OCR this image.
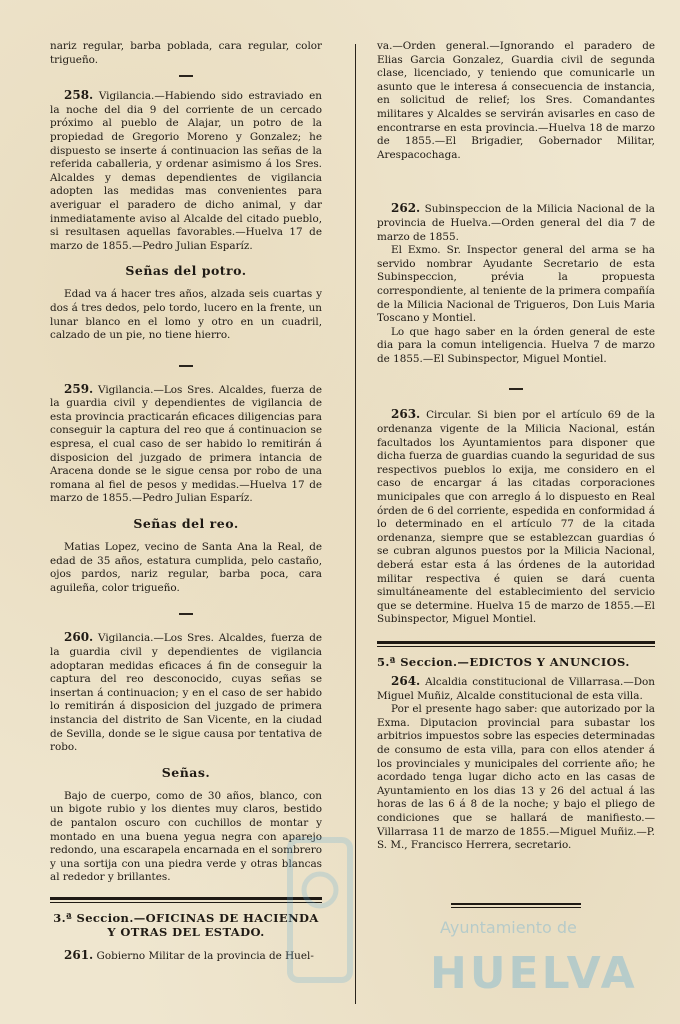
nariz regular, barba poblada, cara regular, color trigueño.

258. Vigilancia.—Habiendo sido estraviado en la noche del dia 9 del corriente de un cercado próximo al pueblo de Alajar, un potro de la propiedad de Gregorio Moreno y Gonzalez; he dispuesto se inserte á continuacion las señas de la referida caballeria, y ordenar asimismo á los Sres. Alcaldes y demas dependientes de vigilancia adopten las medidas mas convenientes para averiguar el paradero de dicho animal, y dar inmediatamente aviso al Alcalde del citado pueblo, si resultasen aquellas favorables.—Huelva 17 de marzo de 1855.—Pedro Julian Esparíz.

Señas del potro.

Edad va á hacer tres años, alzada seis cuartas y dos á tres dedos, pelo tordo, lucero en la frente, un lunar blanco en el lomo y otro en un cuadril, calzado de un pie, no tiene hierro.

259. Vigilancia.—Los Sres. Alcaldes, fuerza de la guardia civil y dependientes de vigilancia de esta provincia practicarán eficaces diligencias para conseguir la captura del reo que á continuacion se espresa, el cual caso de ser habido lo remitirán á disposicion del juzgado de primera intancia de Aracena donde se le sigue censa por robo de una romana al fiel de pesos y medidas.—Huelva 17 de marzo de 1855.—Pedro Julian Esparíz.

Señas del reo.

Matias Lopez, vecino de Santa Ana la Real, de edad de 35 años, estatura cumplida, pelo castaño, ojos pardos, nariz regular, barba poca, cara aguileña, color trigueño.

260. Vigilancia.—Los Sres. Alcaldes, fuerza de la guardia civil y dependientes de vigilancia adoptaran medidas eficaces á fin de conseguir la captura del reo desconocido, cuyas señas se insertan á continuacion; y en el caso de ser habido lo remitirán á disposicion del juzgado de primera instancia del distrito de San Vicente, en la ciudad de Sevilla, donde se le sigue causa por tentativa de robo.

Señas.

Bajo de cuerpo, como de 30 años, blanco, con un bigote rubio y los dientes muy claros, bestido de pantalon oscuro con cuchillos de montar y montado en una buena yegua negra con aparejo redondo, una escarapela encarnada en el sombrero y una sortija con una piedra verde y otras blancas al rededor y brillantes.

3.ª Seccion.—OFICINAS DE HACIENDA Y OTRAS DEL ESTADO.

261. Gobierno Militar de la provincia de Huel-

va.—Orden general.—Ignorando el paradero de Elias Garcia Gonzalez, Guardia civil de segunda clase, licenciado, y teniendo que comunicarle un asunto que le interesa á consecuencia de instancia, en solicitud de relief; los Sres. Comandantes militares y Alcaldes se servirán avisarles en caso de encontrarse en esta provincia.—Huelva 18 de marzo de 1855.—El Brigadier, Gobernador Militar, Arespacochaga.

262. Subinspeccion de la Milicia Nacional de la provincia de Huelva.—Orden general del dia 7 de marzo de 1855.

El Exmo. Sr. Inspector general del arma se ha servido nombrar Ayudante Secretario de esta Subinspeccion, prévia la propuesta correspondiente, al teniente de la primera compañía de la Milicia Nacional de Trigueros, Don Luis Maria Toscano y Montiel.

Lo que hago saber en la órden general de este dia para la comun inteligencia. Huelva 7 de marzo de 1855.—El Subinspector, Miguel Montiel.

263. Circular. Si bien por el artículo 69 de la ordenanza vigente de la Milicia Nacional, están facultados los Ayuntamientos para disponer que dicha fuerza de guardias cuando la seguridad de sus respectivos pueblos lo exija, me considero en el caso de encargar á las citadas corporaciones municipales que con arreglo á lo dispuesto en Real órden de 6 del corriente, espedida en conformidad á lo determinado en el artículo 77 de la citada ordenanza, siempre que se establezcan guardias ó se cubran algunos puestos por la Milicia Nacional, deberá estar esta á las órdenes de la autoridad militar respectiva é quien se dará cuenta simultáneamente del establecimiento del servicio que se determine. Huelva 15 de marzo de 1855.—El Subinspector, Miguel Montiel.

5.ª Seccion.—EDICTOS Y ANUNCIOS.

264. Alcaldia constitucional de Villarrasa.—Don Miguel Muñiz, Alcalde constitucional de esta villa.

Por el presente hago saber: que autorizado por la Exma. Diputacion provincial para subastar los arbitrios impuestos sobre las especies determinadas de consumo de esta villa, para con ellos atender á los provinciales y municipales del corriente año; he acordado tenga lugar dicho acto en las casas de Ayuntamiento en los dias 13 y 26 del actual á las horas de las 6 á 8 de la noche; y bajo el pliego de condiciones que se hallará de manifiesto.—Villarrasa 11 de marzo de 1855.—Miguel Muñiz.—P. S. M., Francisco Herrera, secretario.

Ayuntamiento de
HUELVA
